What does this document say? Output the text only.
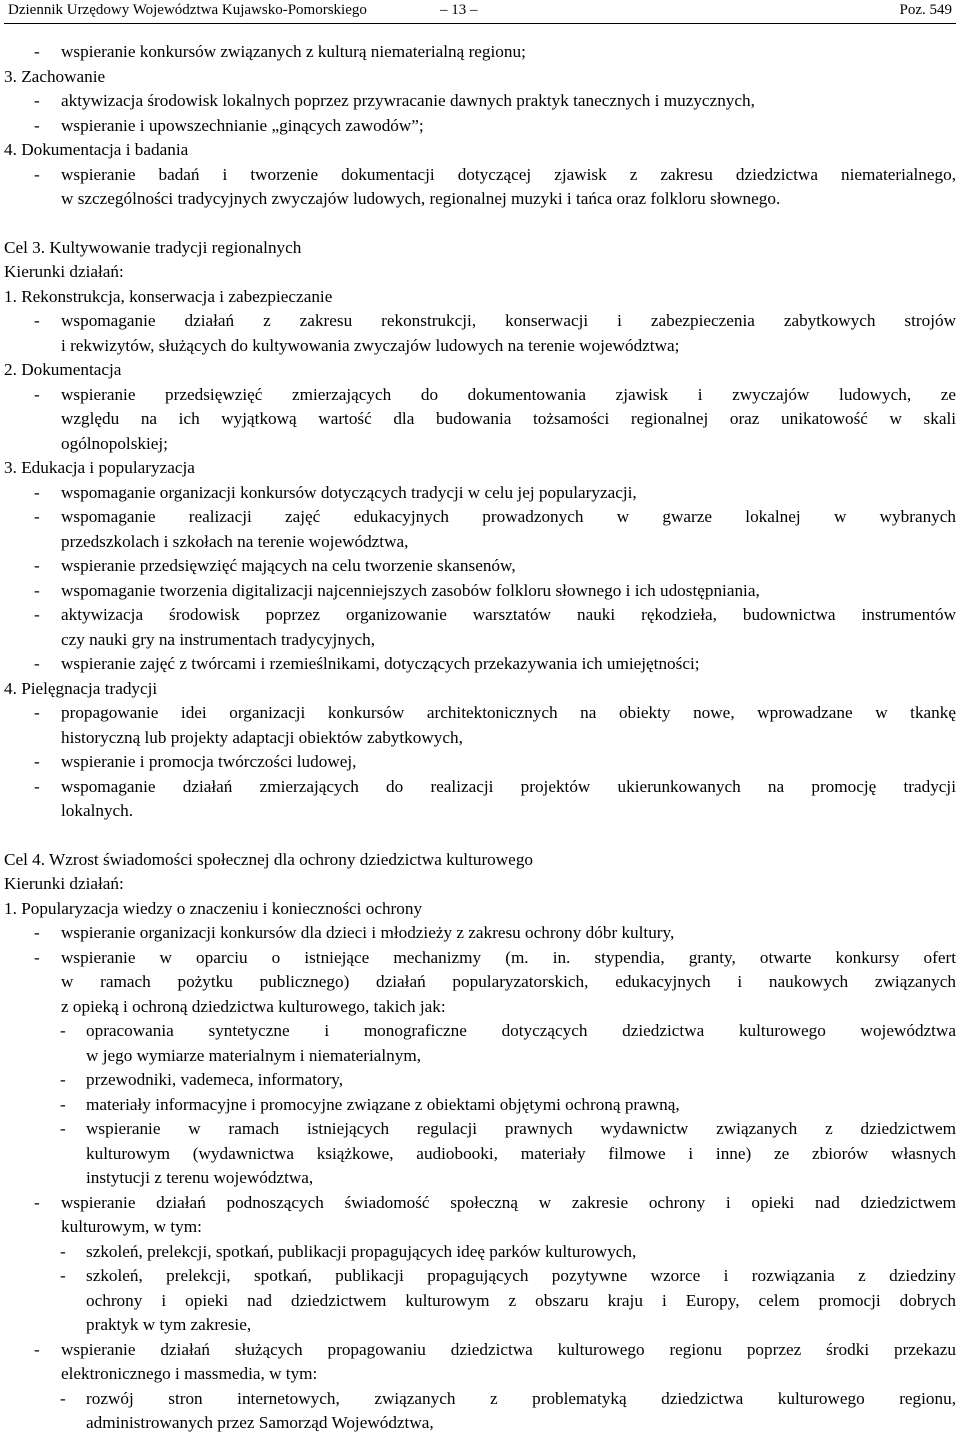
Dziennik Urzędowy Województwa Kujawsko-Pomorskiego	– 13 –	Poz. 549
-	wspieranie konkursów związanych z kulturą niematerialną regionu;
3. Zachowanie
-	aktywizacja środowisk lokalnych poprzez przywracanie dawnych praktyk tanecznych i muzycznych,
-	wspieranie i upowszechnianie „ginących zawodów”;
4. Dokumentacja i badania
-	wspieranie badań i tworzenie dokumentacji dotyczącej zjawisk z zakresu dziedzictwa niematerialnego,
w szczególności tradycyjnych zwyczajów ludowych, regionalnej muzyki i tańca oraz folkloru słownego.
Cel 3. Kultywowanie tradycji regionalnych
Kierunki działań:
1. Rekonstrukcja, konserwacja i zabezpieczanie
-	wspomaganie działań z zakresu rekonstrukcji, konserwacji i zabezpieczenia zabytkowych strojów
i rekwizytów, służących do kultywowania zwyczajów ludowych na terenie województwa;
2. Dokumentacja
-	wspieranie przedsięwzięć zmierzających do dokumentowania zjawisk i zwyczajów ludowych, ze
względu na ich wyjątkową wartość dla budowania tożsamości regionalnej oraz unikatowość w skali
ogólnopolskiej;
3. Edukacja i popularyzacja
-	wspomaganie organizacji konkursów dotyczących tradycji w celu jej popularyzacji,
-	wspomaganie realizacji zajęć edukacyjnych prowadzonych w gwarze lokalnej w wybranych
przedszkolach i szkołach na terenie województwa,
-	wspieranie przedsięwzięć mających na celu tworzenie skansenów,
-	wspomaganie tworzenia digitalizacji najcenniejszych zasobów folkloru słownego i ich udostępniania,
-	aktywizacja środowisk poprzez organizowanie warsztatów nauki rękodzieła, budownictwa instrumentów
czy nauki gry na instrumentach tradycyjnych,
-	wspieranie zajęć z twórcami i rzemieślnikami, dotyczących przekazywania ich umiejętności;
4. Pielęgnacja tradycji
-	propagowanie idei organizacji konkursów architektonicznych na obiekty nowe, wprowadzane w tkankę
historyczną lub projekty adaptacji obiektów zabytkowych,
-	wspieranie i promocja twórczości ludowej,
-	wspomaganie działań zmierzających do realizacji projektów ukierunkowanych na promocję tradycji
lokalnych.
Cel 4. Wzrost świadomości społecznej dla ochrony dziedzictwa kulturowego
Kierunki działań:
1. Popularyzacja wiedzy o znaczeniu i konieczności ochrony
-	wspieranie organizacji konkursów dla dzieci i młodzieży z zakresu ochrony dóbr kultury,
-	wspieranie w oparciu o istniejące mechanizmy (m. in. stypendia, granty, otwarte konkursy ofert
w ramach pożytku publicznego) działań popularyzatorskich, edukacyjnych i naukowych związanych
z opieką i ochroną dziedzictwa kulturowego, takich jak:
-	opracowania syntetyczne i monograficzne dotyczących dziedzictwa kulturowego województwa
w jego wymiarze materialnym i niematerialnym,
-	przewodniki, vademeca, informatory,
-	materiały informacyjne i promocyjne związane z obiektami objętymi ochroną prawną,
-	wspieranie w ramach istniejących regulacji prawnych wydawnictw związanych z dziedzictwem
kulturowym (wydawnictwa książkowe, audiobooki, materiały filmowe i inne) ze zbiorów własnych
instytucji z terenu województwa,
-	wspieranie działań podnoszących świadomość społeczną w zakresie ochrony i opieki nad dziedzictwem
kulturowym, w tym:
-	szkoleń, prelekcji, spotkań, publikacji propagujących ideę parków kulturowych,
-	szkoleń, prelekcji, spotkań, publikacji propagujących pozytywne wzorce i rozwiązania z dziedziny
ochrony i opieki nad dziedzictwem kulturowym z obszaru kraju i Europy, celem promocji dobrych
praktyk w tym zakresie,
-	wspieranie działań służących propagowaniu dziedzictwa kulturowego regionu poprzez środki przekazu
elektronicznego i massmedia, w tym:
-	rozwój stron internetowych, związanych z problematyką dziedzictwa kulturowego regionu,
administrowanych przez Samorząd Województwa,
